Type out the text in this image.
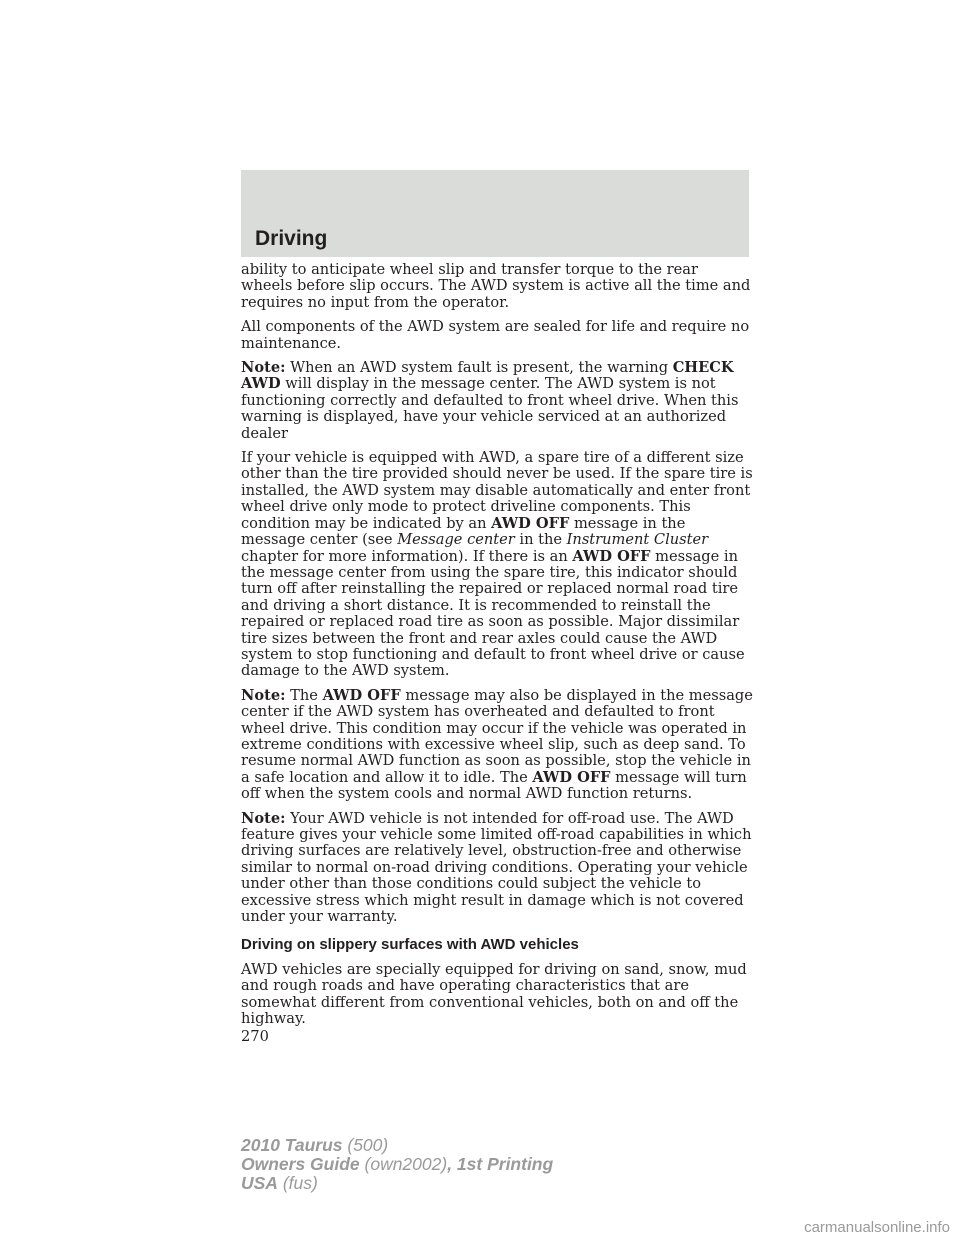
Driving

ability to anticipate wheel slip and transfer torque to the rear wheels before slip occurs. The AWD system is active all the time and requires no input from the operator.

All components of the AWD system are sealed for life and require no maintenance.

Note: When an AWD system fault is present, the warning CHECK AWD will display in the message center. The AWD system is not functioning correctly and defaulted to front wheel drive. When this warning is displayed, have your vehicle serviced at an authorized dealer

If your vehicle is equipped with AWD, a spare tire of a different size other than the tire provided should never be used. If the spare tire is installed, the AWD system may disable automatically and enter front wheel drive only mode to protect driveline components. This condition may be indicated by an AWD OFF message in the message center (see Message center in the Instrument Cluster chapter for more information). If there is an AWD OFF message in the message center from using the spare tire, this indicator should turn off after reinstalling the repaired or replaced normal road tire and driving a short distance. It is recommended to reinstall the repaired or replaced road tire as soon as possible. Major dissimilar tire sizes between the front and rear axles could cause the AWD system to stop functioning and default to front wheel drive or cause damage to the AWD system.

Note: The AWD OFF message may also be displayed in the message center if the AWD system has overheated and defaulted to front wheel drive. This condition may occur if the vehicle was operated in extreme conditions with excessive wheel slip, such as deep sand. To resume normal AWD function as soon as possible, stop the vehicle in a safe location and allow it to idle. The AWD OFF message will turn off when the system cools and normal AWD function returns.

Note: Your AWD vehicle is not intended for off-road use. The AWD feature gives your vehicle some limited off-road capabilities in which driving surfaces are relatively level, obstruction-free and otherwise similar to normal on-road driving conditions. Operating your vehicle under other than those conditions could subject the vehicle to excessive stress which might result in damage which is not covered under your warranty.

Driving on slippery surfaces with AWD vehicles

AWD vehicles are specially equipped for driving on sand, snow, mud and rough roads and have operating characteristics that are somewhat different from conventional vehicles, both on and off the highway.

270
2010 Taurus (500)
Owners Guide (own2002), 1st Printing
USA (fus)
carmanualsonline.info
